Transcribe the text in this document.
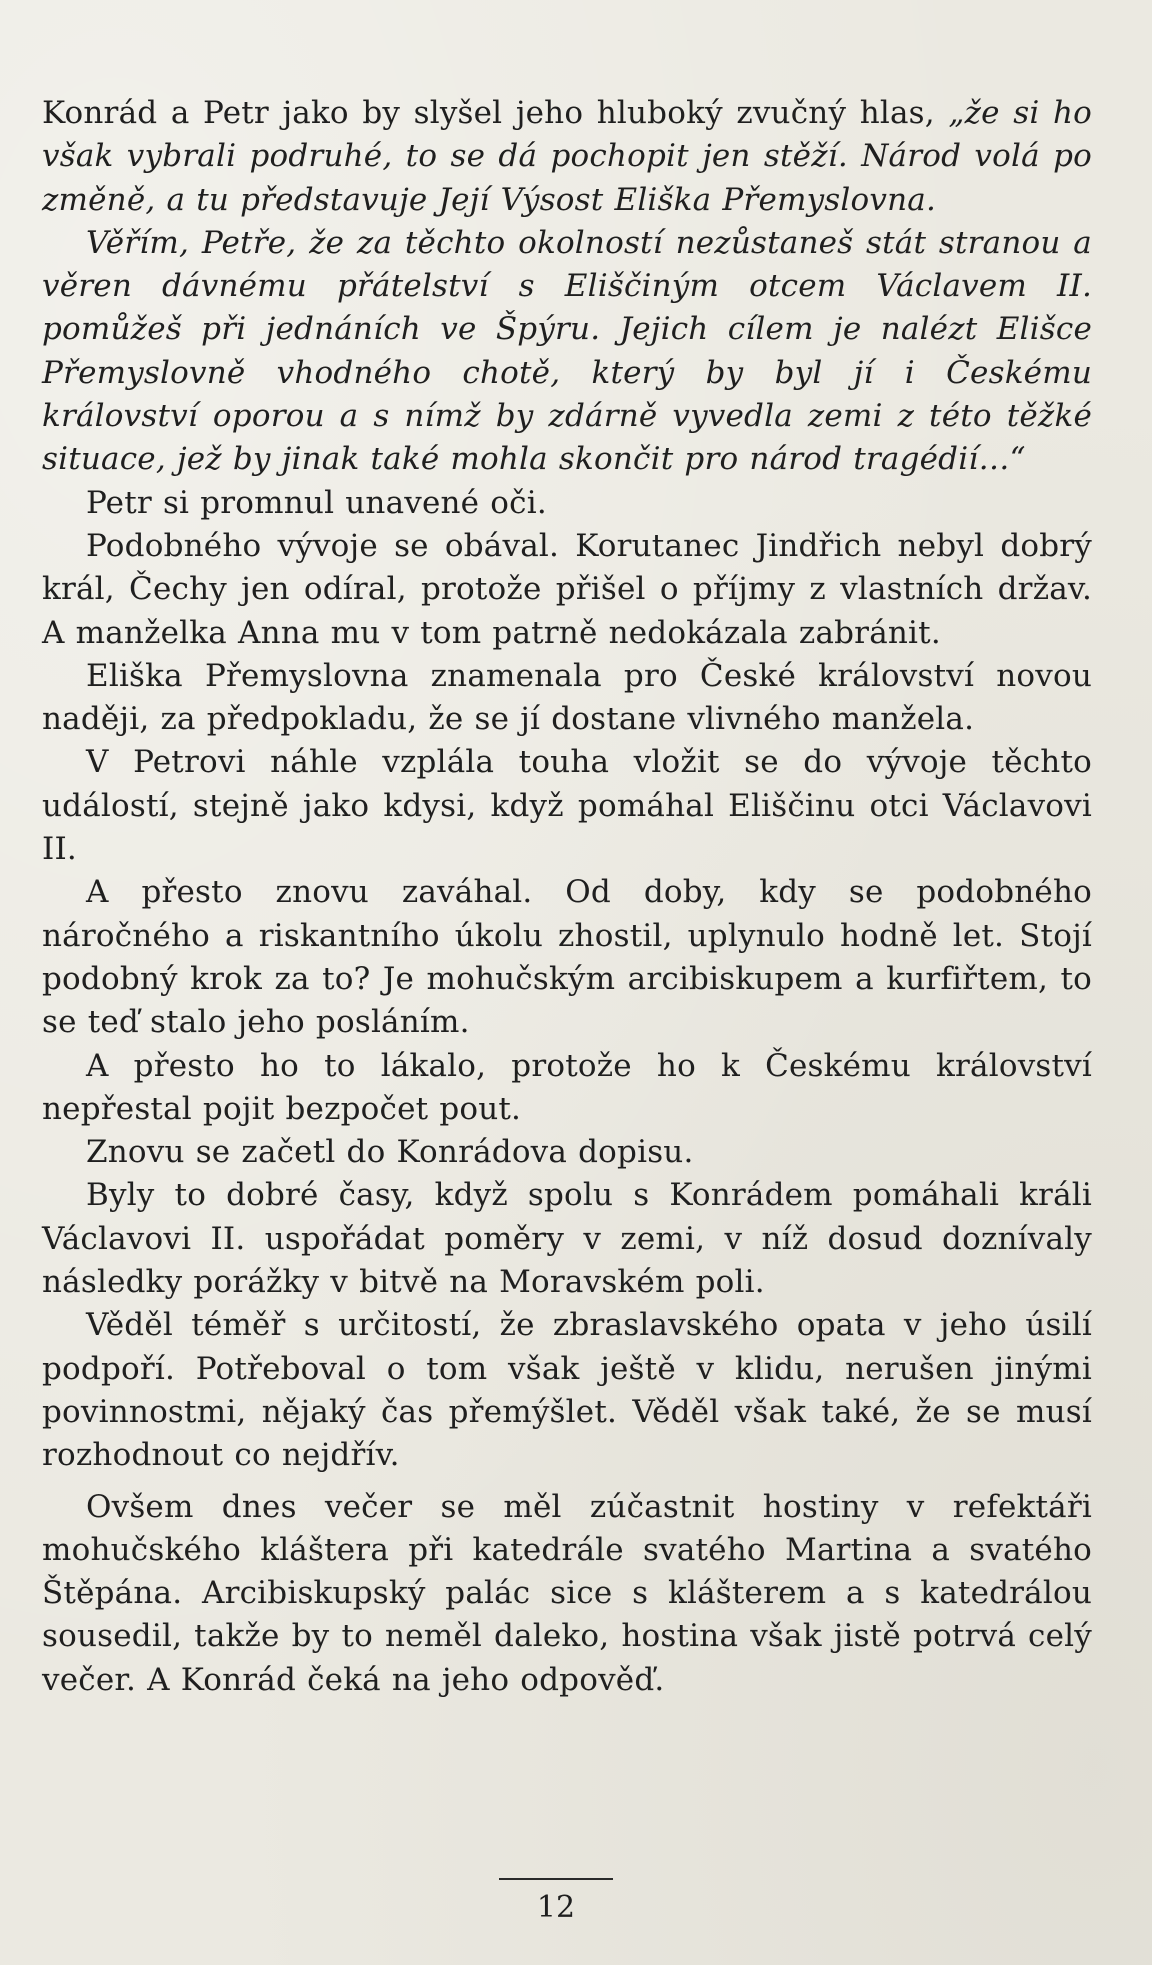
Konrád a Petr jako by slyšel jeho hluboký zvučný hlas, „že si ho však vybrali podruhé, to se dá pochopit jen stěží. Národ volá po změně, a tu představuje Její Výsost Eliška Přemyslovna.

Věřím, Petře, že za těchto okolností nezůstaneš stát stranou a věren dávnému přátelství s Eliščiným otcem Václavem II. pomůžeš při jednáních ve Špýru. Jejich cílem je nalézt Elišce Přemyslovně vhodného chotě, který by byl jí i Českému království oporou a s nímž by zdárně vyvedla zemi z této těžké situace, jež by jinak také mohla skončit pro národ tragédií…“

Petr si promnul unavené oči.

Podobného vývoje se obával. Korutanec Jindřich nebyl dobrý král, Čechy jen odíral, protože přišel o příjmy z vlastních držav. A manželka Anna mu v tom patrně nedokázala zabránit.

Eliška Přemyslovna znamenala pro České království novou naději, za předpokladu, že se jí dostane vlivného manžela.

V Petrovi náhle vzplála touha vložit se do vývoje těchto událostí, stejně jako kdysi, když pomáhal Eliščinu otci Václavovi II.

A přesto znovu zaváhal. Od doby, kdy se podobného náročného a riskantního úkolu zhostil, uplynulo hodně let. Stojí podobný krok za to? Je mohučským arcibiskupem a kurfiřtem, to se teď stalo jeho posláním.

A přesto ho to lákalo, protože ho k Českému království nepřestal pojit bezpočet pout.

Znovu se začetl do Konrádova dopisu.

Byly to dobré časy, když spolu s Konrádem pomáhali králi Václavovi II. uspořádat poměry v zemi, v níž dosud doznívaly následky porážky v bitvě na Moravském poli.

Věděl téměř s určitostí, že zbraslavského opata v jeho úsilí podpoří. Potřeboval o tom však ještě v klidu, nerušen jinými povinnostmi, nějaký čas přemýšlet. Věděl však také, že se musí rozhodnout co nejdřív.

Ovšem dnes večer se měl zúčastnit hostiny v refektáři mohučského kláštera při katedrále svatého Martina a svatého Štěpána. Arcibiskupský palác sice s klášterem a s katedrálou sousedil, takže by to neměl daleko, hostina však jistě potrvá celý večer. A Konrád čeká na jeho odpověď.

12
